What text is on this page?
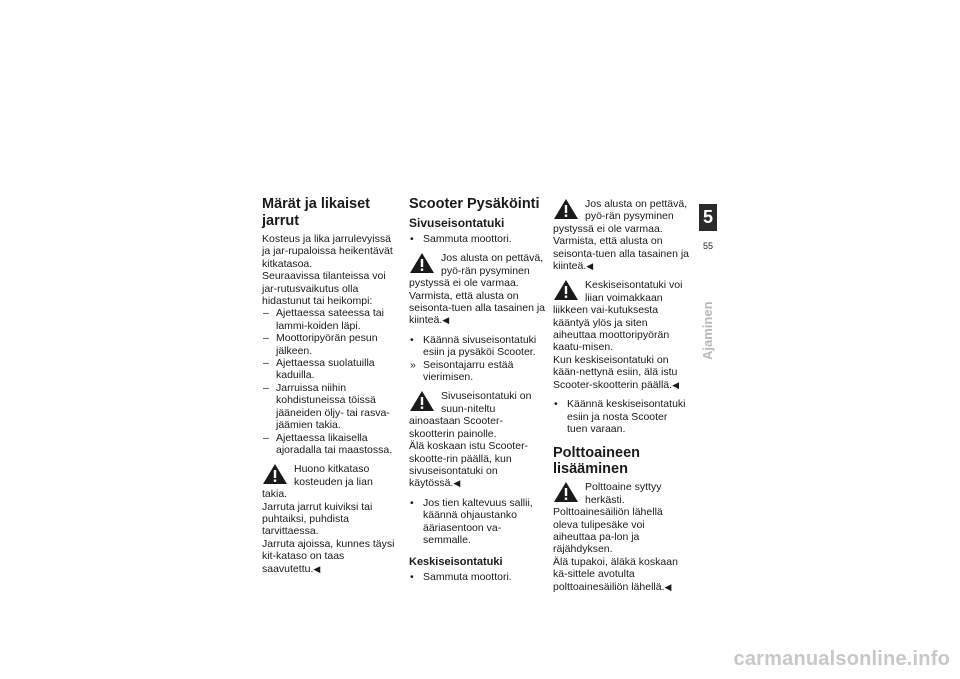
Märät ja likaiset jarrut

Kosteus ja lika jarrulevyissä ja jar-rupaloissa heikentävät kitkatasoa.

Seuraavissa tilanteissa voi jar-rutusvaikutus olla hidastunut tai heikompi:

– Ajettaessa sateessa tai lammi-koiden läpi.

– Moottoripyörän pesun jälkeen.

– Ajettaessa suolatuilla kaduilla.

– Jarruissa niihin kohdistuneissa töissä jääneiden öljy- tai rasva-jäämien takia.

– Ajettaessa likaisella ajoradalla tai maastossa.

Huono kitkataso kosteuden ja lian takia.

Jarruta jarrut kuiviksi tai puhtaiksi, puhdista tarvittaessa.

Jarruta ajoissa, kunnes täysi kit-kataso on taas saavutettu.◀

Scooter Pysäköinti
Sivuseisontatuki

• Sammuta moottori.

Jos alusta on pettävä, pyö-rän pysyminen pystyssä ei ole varmaa.

Varmista, että alusta on seisonta-tuen alla tasainen ja kiinteä.◀

• Käännä sivuseisontatuki esiin ja pysäköi Scooter.

» Seisontajarru estää vierimisen.

Sivuseisontatuki on suun-niteltu ainoastaan Scooter-skootterin painolle.

Älä koskaan istu Scooter-skootte-rin päällä, kun sivuseisontatuki on käytössä.◀

• Jos tien kaltevuus sallii, käännä ohjaustanko ääriasentoon va-semmalle.

Keskiseisontatuki

• Sammuta moottori.

Jos alusta on pettävä, pyö-rän pysyminen pystyssä ei ole varmaa.

Varmista, että alusta on seisonta-tuen alla tasainen ja kiinteä.◀

Keskiseisontatuki voi liian voimakkaan liikkeen vai-kutuksesta kääntyä ylös ja siten aiheuttaa moottoripyörän kaatu-misen.

Kun keskiseisontatuki on kään-nettynä esiin, älä istu Scooter-skootterin päällä.◀

• Käännä keskiseisontatuki esiin ja nosta Scooter tuen varaan.

Polttoaineen lisääminen

Polttoaine syttyy herkästi. Polttoainesäiliön lähellä oleva tulipesäke voi aiheuttaa pa-lon ja räjähdyksen.

Älä tupakoi, äläkä koskaan kä-sittele avotulta polttoainesäiliön lähellä.◀

5
55
Ajaminen
carmanualsonline.info
